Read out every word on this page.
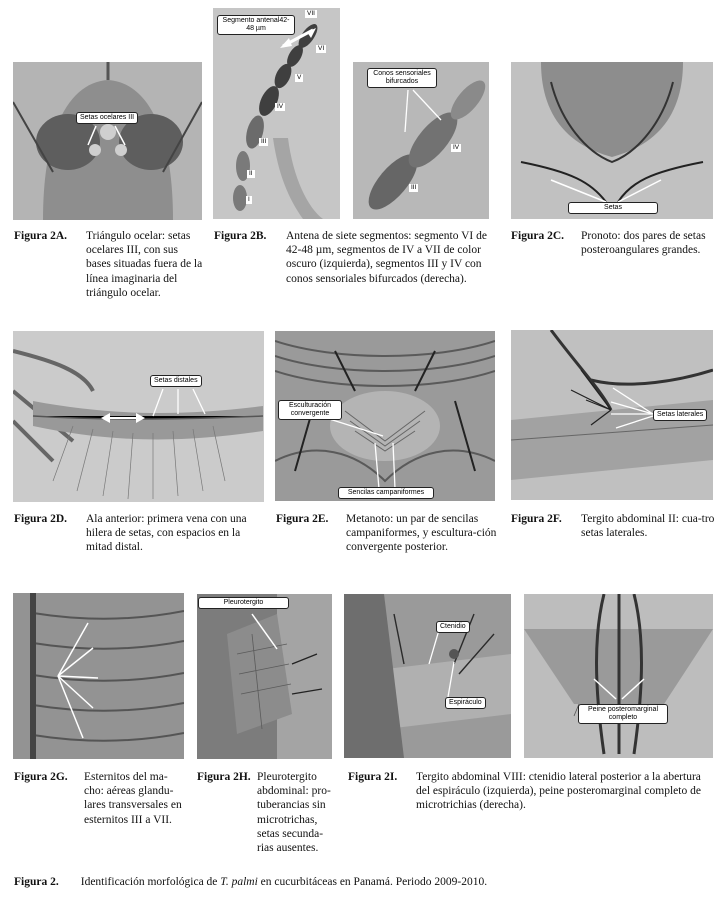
Setas ocelares III
Segmento antenal42-48 µm
VII
VI
V
IV
III
II
I
Conos sensoriales bifurcados
IV
III
Setas
Figura 2A. Triángulo ocelar: setas ocelares III, con sus bases situadas fuera de la línea imaginaria del triángulo ocelar.
Figura 2B. Antena de siete segmentos: segmento VI de 42-48 µm, segmentos de IV a VII de color oscuro (izquierda), segmentos III y IV con conos sensoriales bifurcados (derecha).
Figura 2C. Pronoto: dos pares de setas posteroangulares grandes.
Setas distales
Esculturación convergente
Sencilas campaniformes
Setas laterales
Figura 2D. Ala anterior: primera vena con una hilera de setas, con espacios en la mitad distal.
Figura 2E. Metanoto: un par de sencilas campaniformes, y escultura-ción convergente posterior.
Figura 2F. Tergito abdominal II: cua-tro setas laterales.
Pleurotergito
Ctenidio
Espiráculo
Peine posteromarginal completo
Figura 2G. Esternitos del ma-cho: aéreas glandu-lares transversales en esternitos III a VII.
Figura 2H. Pleurotergito abdominal: pro-tuberancias sin microtrichas, setas secunda-rias ausentes.
Figura 2I. Tergito abdominal VIII: ctenidio lateral posterior a la abertura del espiráculo (izquierda), peine posteromarginal completo de microtrichias (derecha).
Figura 2. Identificación morfológica de T. palmi en cucurbitáceas en Panamá. Periodo 2009-2010.
